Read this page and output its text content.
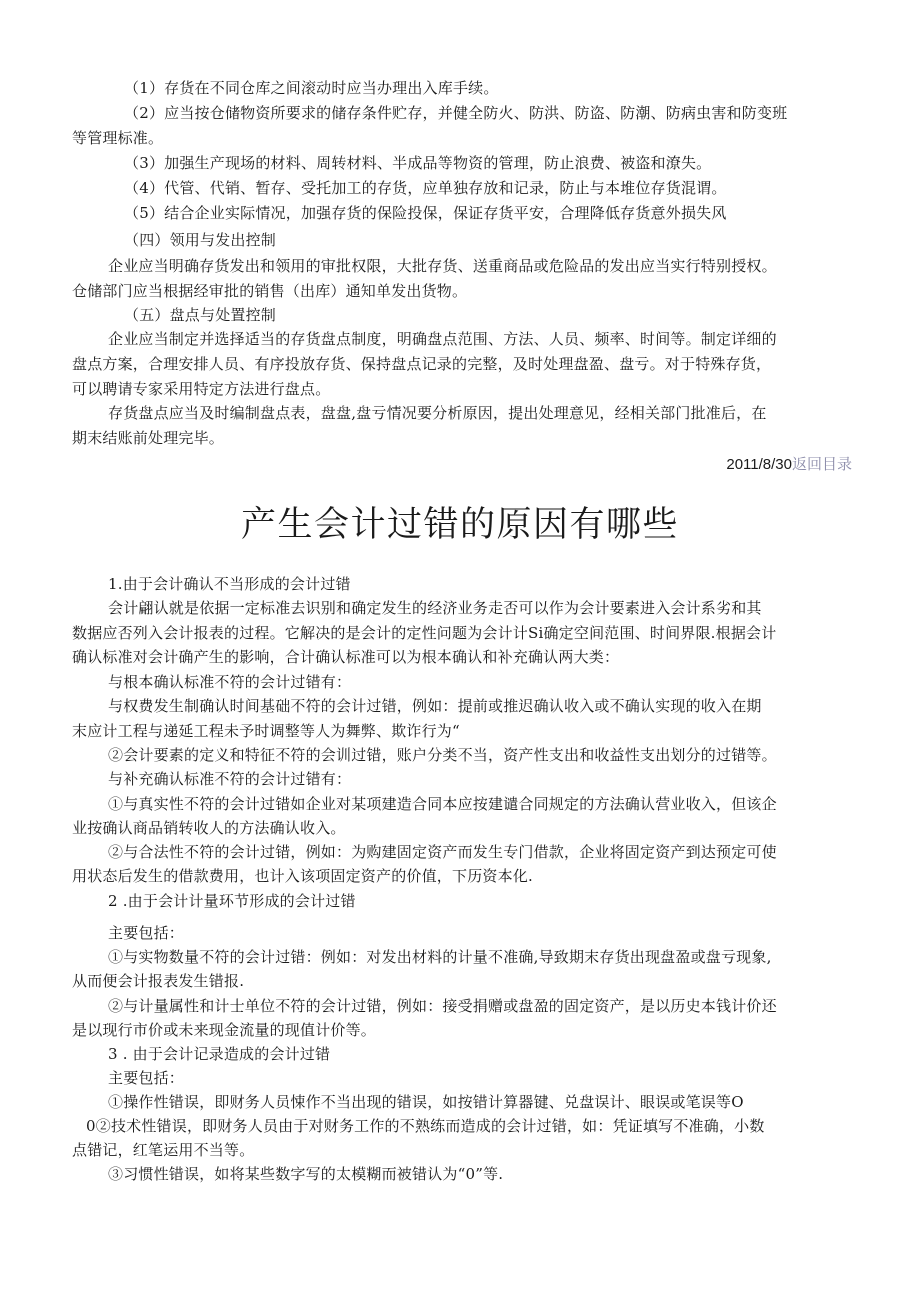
（1）存货在不同仓库之间滚动时应当办理出入库手续。
（2）应当按仓储物资所要求的储存条件贮存，并健全防火、防洪、防盗、防潮、防病虫害和防变班
等管理标准。
（3）加强生产现场的材料、周转材料、半成品等物资的管理，防止浪费、被盗和潦失。
（4）代管、代销、暂存、受托加工的存货，应单独存放和记录，防止与本堆位存货混谓。
（5）结合企业实际情况，加强存货的保险投保，保证存货平安，合理降低存货意外损失风
（四）领用与发出控制
企业应当明确存货发出和领用的审批权限，大批存货、送重商品或危险品的发出应当实行特别授权。
仓储部门应当根据经审批的销售（出库）通知单发出货物。
（五）盘点与处置控制
企业应当制定并选择适当的存货盘点制度，明确盘点范围、方法、人员、频率、时间等。制定详细的
盘点方案，合理安排人员、有序投放存货、保持盘点记录的完整，及时处理盘盈、盘亏。对于特殊存货，
可以聘请专家采用特定方法进行盘点。
存货盘点应当及时编制盘点表，盘盘,盘亏情况要分析原因，提出处理意见，经相关部门批准后，在
期末结账前处理完毕。
2011/8/30返回目录
产生会计过错的原因有哪些
1.由于会计确认不当形成的会计过错
会计翩认就是依据一定标准去识别和确定发生的经济业务走否可以作为会计要素进入会计系劣和其
数据应否列入会计报表的过程。它解决的是会计的定性问题为会计计Si确定空间范围、时间界限.根据会计
确认标准对会计确产生的影响，合计确认标准可以为根本确认和补充确认两大类：
与根本确认标准不符的会计过错有：
与权费发生制确认时间基础不符的会计过错，例如：提前或推迟确认收入或不确认实现的收入在期
末应计工程与递延工程未予时调整等人为舞弊、欺诈行为“
②会计要素的定义和特征不符的会训过错，账户分类不当，资产性支出和收益性支出划分的过错等。
与补充确认标准不符的会计过错有：
①与真实性不符的会计过错如企业对某项建造合同本应按建谴合同规定的方法确认营业收入，但该企
业按确认商品销转收人的方法确认收入。
②与合法性不符的会计过错，例如：为购建固定资产而发生专门借款，企业将固定资产到达预定可使
用状态后发生的借款费用，也计入该项固定资产的价值，下历资本化.
2 .由于会计计量环节形成的会计过错
主要包括：
①与实物数量不符的会计过错：例如：对发出材料的计量不准确,导致期末存货出现盘盈或盘亏现象,
从而便会计报表发生错报.
②与计量属性和计士单位不符的会计过错，例如：接受捐赠或盘盈的固定资产，是以历史本钱计价还
是以现行市价或未来现金流量的现值计价等。
3 . 由于会计记录造成的会计过错
主要包括：
①操作性错误，即财务人员悚作不当出现的错误，如按错计算器键、兑盘误计、眼误或笔误等O
0②技术性错误，即财务人员由于对财务工作的不熟练而造成的会计过错，如：凭证填写不准确，小数
点错记，红笔运用不当等。
③习惯性错误，如将某些数字写的太模糊而被错认为“0”等.
